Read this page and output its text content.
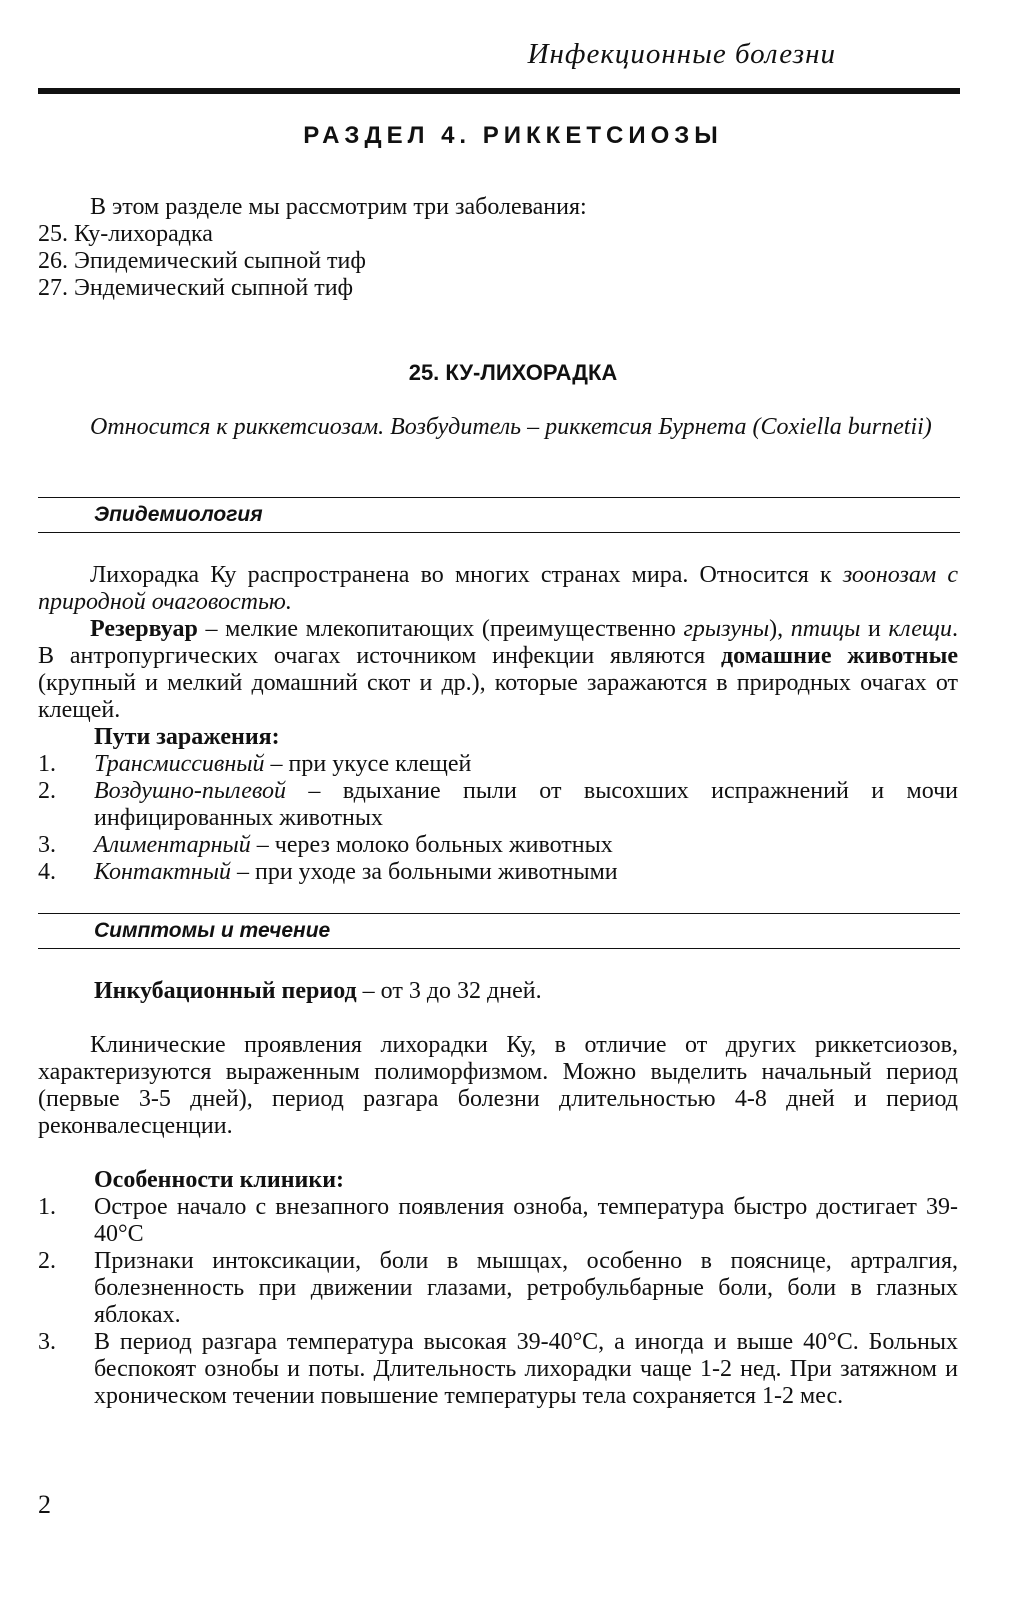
Инфекционные болезни
РАЗДЕЛ 4. РИККЕТСИОЗЫ
В этом разделе мы рассмотрим три заболевания:
25. Ку-лихорадка
26. Эпидемический сыпной тиф
27. Эндемический сыпной тиф
25. КУ-ЛИХОРАДКА

Относится к риккетсиозам. Возбудитель – риккетсия Бурнета (Coxiella burnetii)

Эпидемиология

Лихорадка Ку распространена во многих странах мира. Относится к зоонозам с природной очаговостью.

Резервуар – мелкие млекопитающих (преимущественно грызуны), птицы и клещи. В антропургических очагах источником инфекции являются домашние животные (крупный и мелкий домашний скот и др.), которые заражаются в природных очагах от клещей.

Пути заражения:
1. Трансмиссивный – при укусе клещей
2. Воздушно-пылевой – вдыхание пыли от высохших испражнений и мочи инфицированных животных
3. Алиментарный – через молоко больных животных
4. Контактный – при уходе за больными животными
Симптомы и течение

Инкубационный период – от 3 до 32 дней.

Клинические проявления лихорадки Ку, в отличие от других риккетсиозов, характеризуются выраженным полиморфизмом. Можно выделить начальный период (первые 3-5 дней), период разгара болезни длительностью 4-8 дней и период реконвалесценции.

Особенности клиники:
1. Острое начало с внезапного появления озноба, температура быстро достигает 39-40°С
2. Признаки интоксикации, боли в мышцах, особенно в пояснице, артралгия, болезненность при движении глазами, ретробульбарные боли, боли в глазных яблоках.
3. В период разгара температура высокая 39-40°С, а иногда и выше 40°С. Больных беспокоят ознобы и поты. Длительность лихорадки чаще 1-2 нед. При затяжном и хроническом течении повышение температуры тела сохраняется 1-2 мес.
2
